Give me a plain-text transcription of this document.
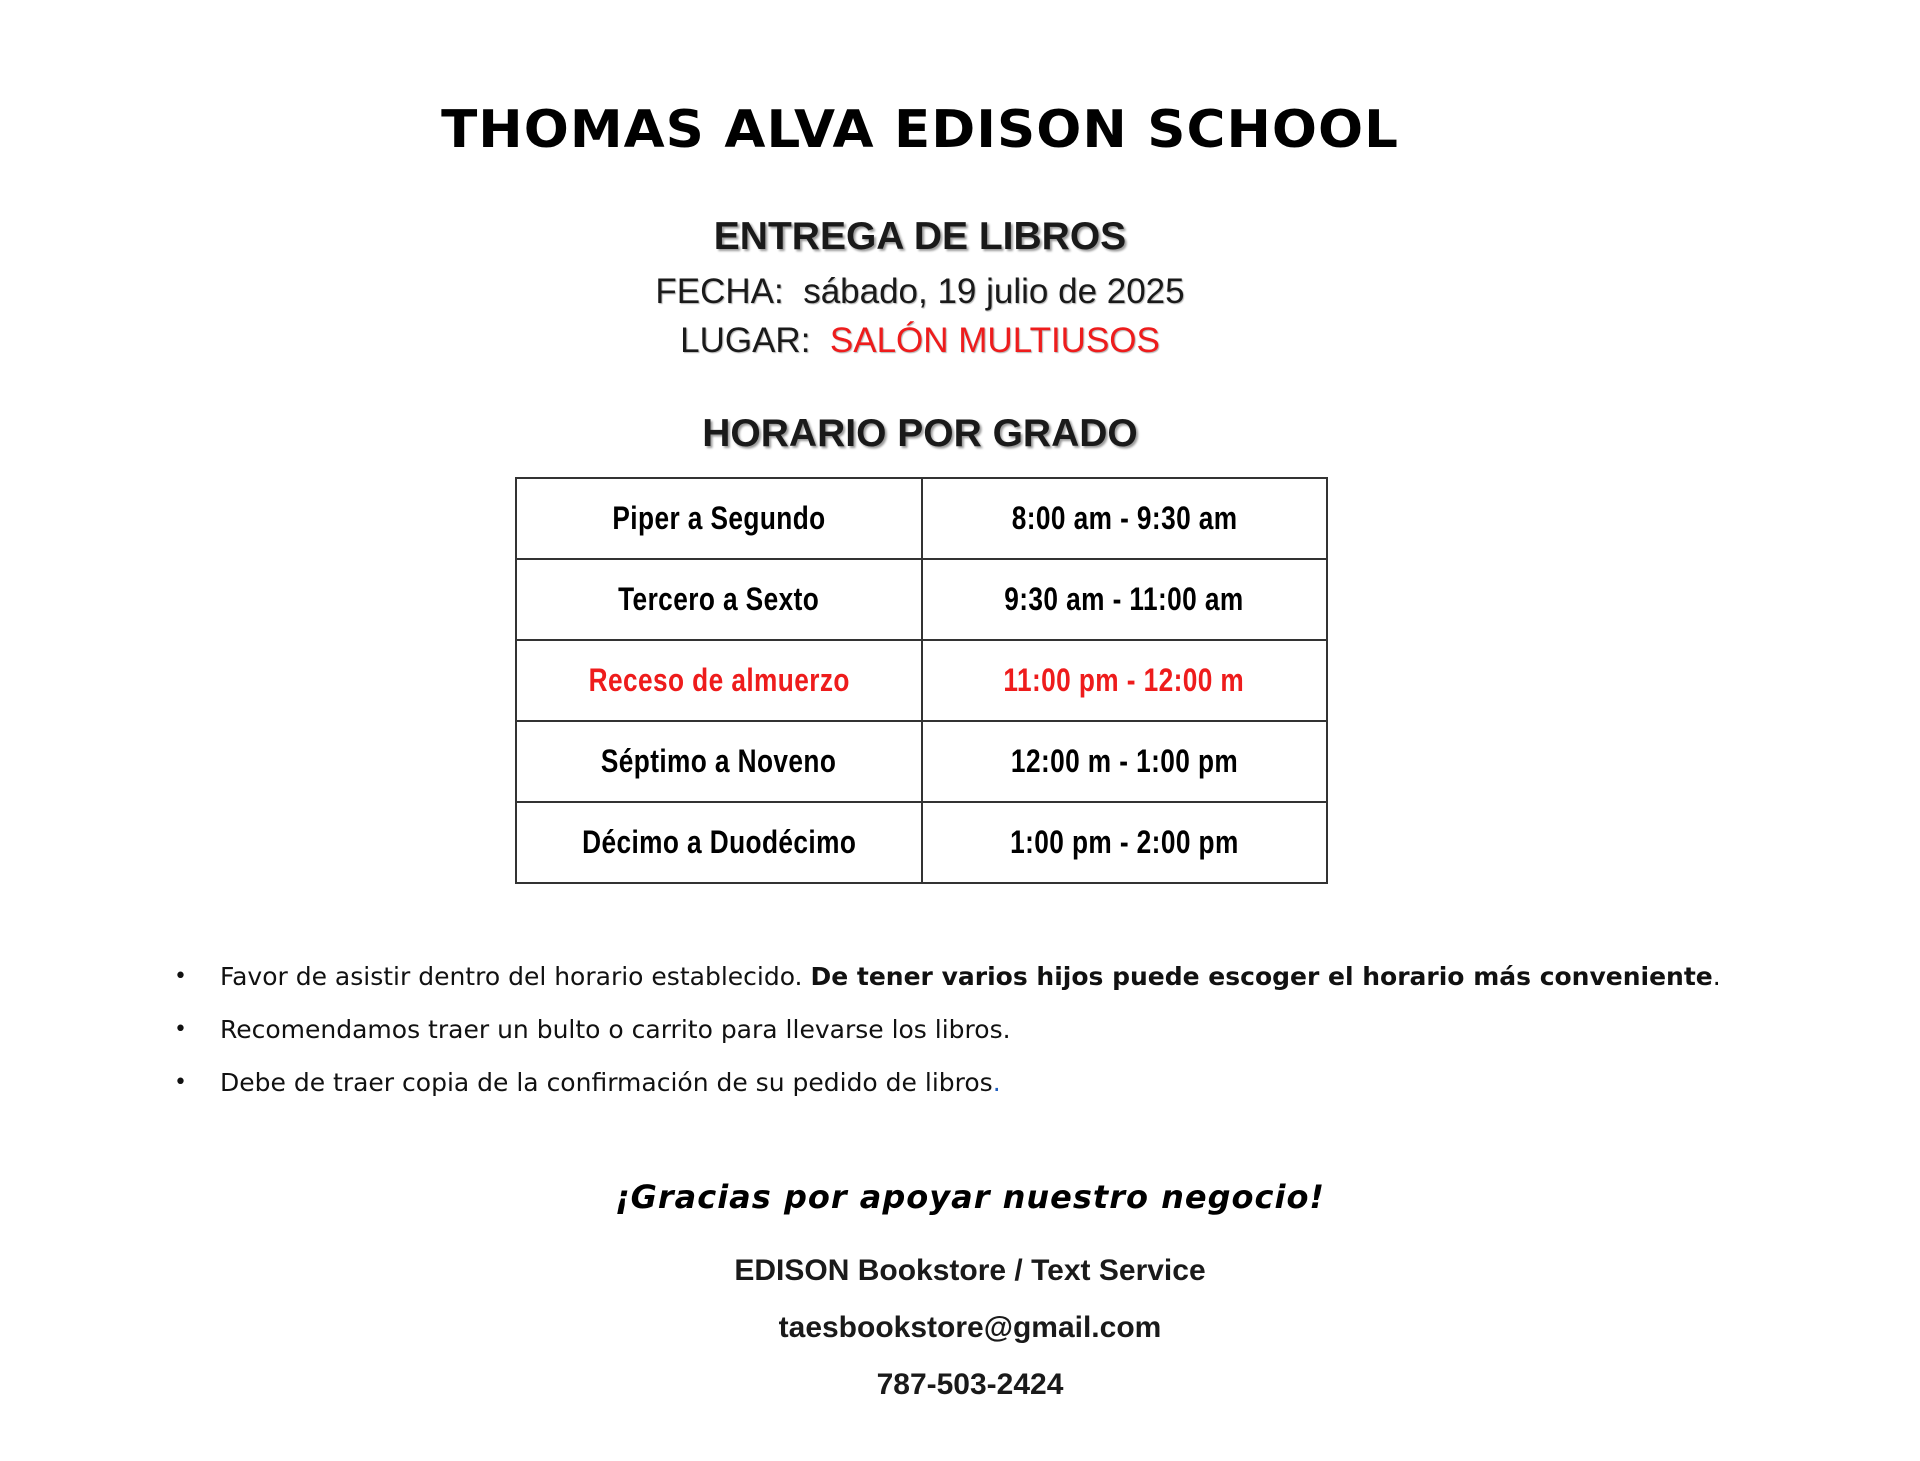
THOMAS ALVA EDISON SCHOOL
ENTREGA DE LIBROS
FECHA: sábado, 19 julio de 2025
LUGAR: SALÓN MULTIUSOS
HORARIO POR GRADO
Piper a Segundo	8:00 am - 9:30 am
Tercero a Sexto	9:30 am - 11:00 am
Receso de almuerzo	11:00 pm - 12:00 m
Séptimo a Noveno	12:00 m - 1:00 pm
Décimo a Duodécimo	1:00 pm - 2:00 pm
• Favor de asistir dentro del horario establecido. De tener varios hijos puede escoger el horario más conveniente.
• Recomendamos traer un bulto o carrito para llevarse los libros.
• Debe de traer copia de la confirmación de su pedido de libros.
¡Gracias por apoyar nuestro negocio!
EDISON Bookstore / Text Service
taesbookstore@gmail.com
787-503-2424
